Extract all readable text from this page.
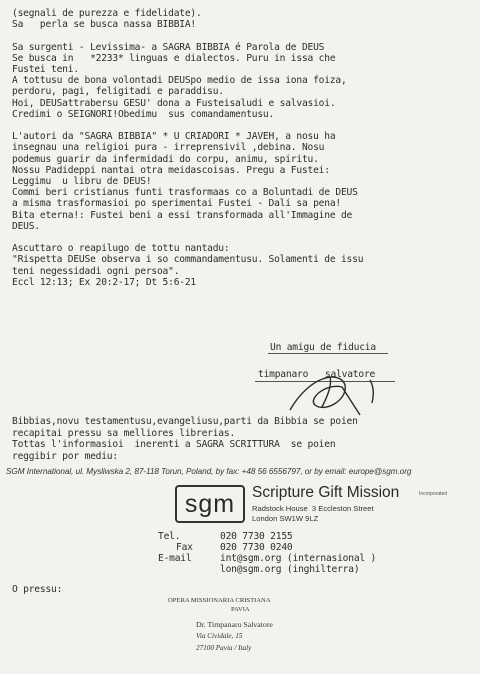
(segnali de purezza e fidelidate).
Sa   perla se busca nassa BIBBIA!
Sa surgenti - Levissima- a SAGRA BIBBIA é Parola de DEUS
Se busca in   *2233* linguas e dialectos. Puru in issa che
Fustei teni.
A tottusu de bona volontadi DEUSpo medio de issa iona foiza,
perdoru, pagi, feligitadi e paraddisu.
Hoi, DEUSattrabersu GESU' dona a Fusteisaludi e salvasioi.
Credimi o SEIGNORI!Obedimu  sus comandamentusu.
L'autori da "SAGRA BIBBIA" * U CRIADORI * JAVEH, a nosu ha
insegnau una religioi pura - irreprensivil ,debina. Nosu
podemus guarir da infermidadi do corpu, animu, spiritu.
Nossu Padideppi nantai otra meidascoisas. Pregu a Fustei:
Leggimu  u libru de DEUS!
Commi beri cristianus funti trasformaas co a Boluntadi de DEUS
a misma trasformasioi po sperimentai Fustei - Dali sa pena!
Bita eterna!: Fustei beni a essi transformada all'Immagine de
DEUS.
Ascuttaro o reapilugo de tottu nantadu:
"Rispetta DEUSe observa i so commandamentusu. Solamenti de issu
teni negessidadi ogni persoa".
Eccl 12:13; Ex 20:2-17; Dt 5:6-21
Un amigu de fiducia
timpanaro   salvatore
Bibbias,novu testamentusu,evangeliusu,parti da Bibbia se poien
recapitai pressu sa melliores librerias.
Tottas l'informasioi  inerenti a SAGRA SCRITTURA  se poien
reggibir por mediu:
SGM International, ul. Mysliwska 2, 87-118 Torun, Poland, by fax: +48 56 6556797, or by email: europe@sgm.org
sgm	Scripture Gift Mission	Incorporated
Radstock House  3 Eccleston Street
London SW1W 9LZ
Tel.	020 7730 2155
Fax	020 7730 0240
E-mail	int@sgm.org (internasional )
lon@sgm.org (inghilterra)
O pressu:
OPERA MISSIONARIA CRISTIANA
PAVIA
Dr. Timpanaro Salvatore
Via Cividale, 15
27100 Pavia / Italy
